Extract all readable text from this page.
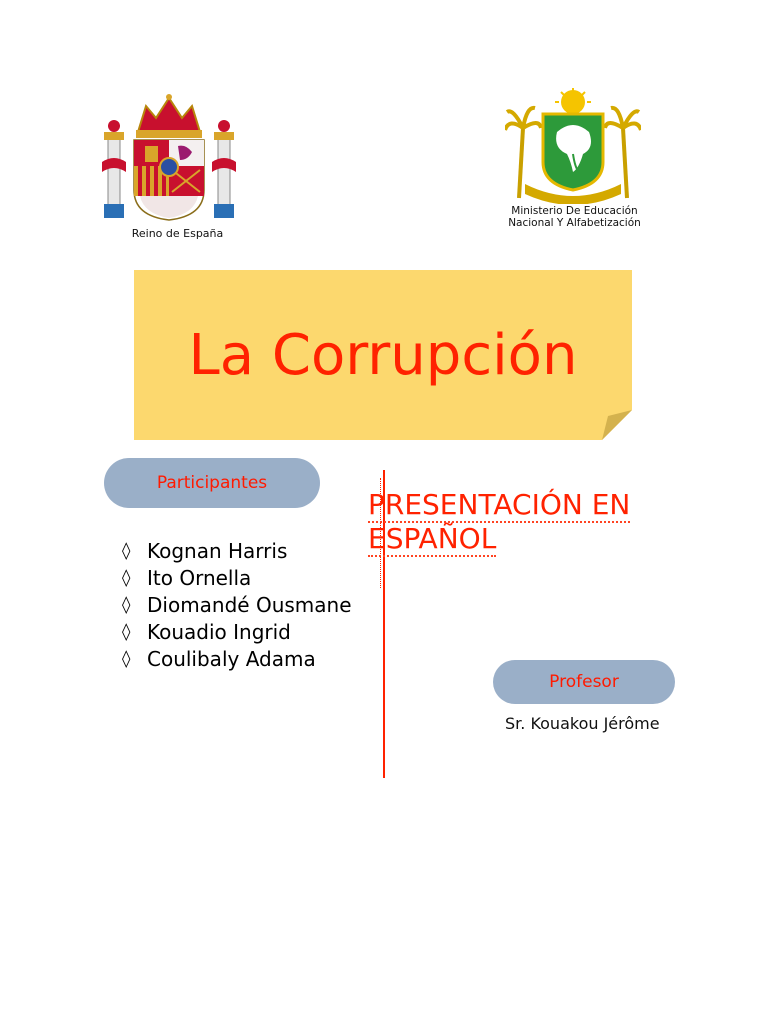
Reino de España
Ministerio De Educación
Nacional Y Alfabetización
La Corrupción
Participantes
◊ Kognan Harris
◊ Ito Ornella
◊ Diomandé Ousmane
◊ Kouadio Ingrid
◊ Coulibaly Adama
PRESENTACIÓN EN ESPAÑOL
Profesor
Sr. Kouakou Jérôme
